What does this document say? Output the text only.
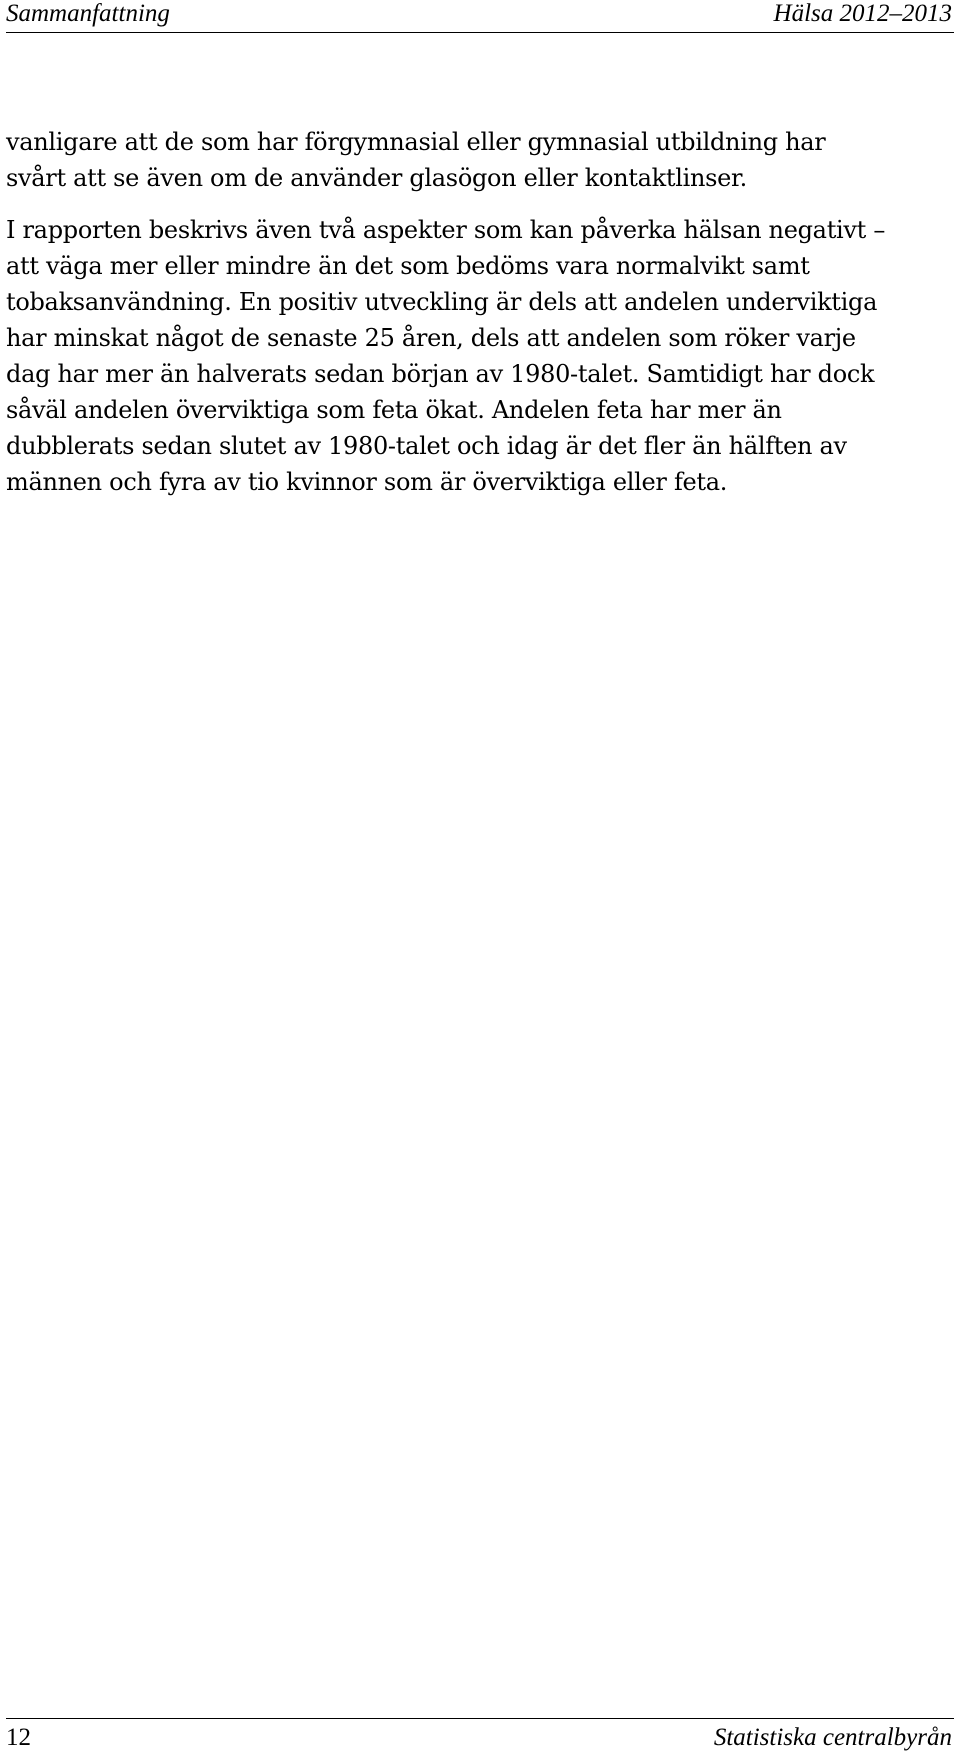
Sammanfattning	Hälsa 2012–2013

vanligare att de som har förgymnasial eller gymnasial utbildning har
svårt att se även om de använder glasögon eller kontaktlinser.

I rapporten beskrivs även två aspekter som kan påverka hälsan negativt –
att väga mer eller mindre än det som bedöms vara normalvikt samt
tobaksanvändning. En positiv utveckling är dels att andelen underviktiga
har minskat något de senaste 25 åren, dels att andelen som röker varje
dag har mer än halverats sedan början av 1980-talet. Samtidigt har dock
såväl andelen överviktiga som feta ökat. Andelen feta har mer än
dubblerats sedan slutet av 1980-talet och idag är det fler än hälften av
männen och fyra av tio kvinnor som är överviktiga eller feta.

12	Statistiska centralbyrån
